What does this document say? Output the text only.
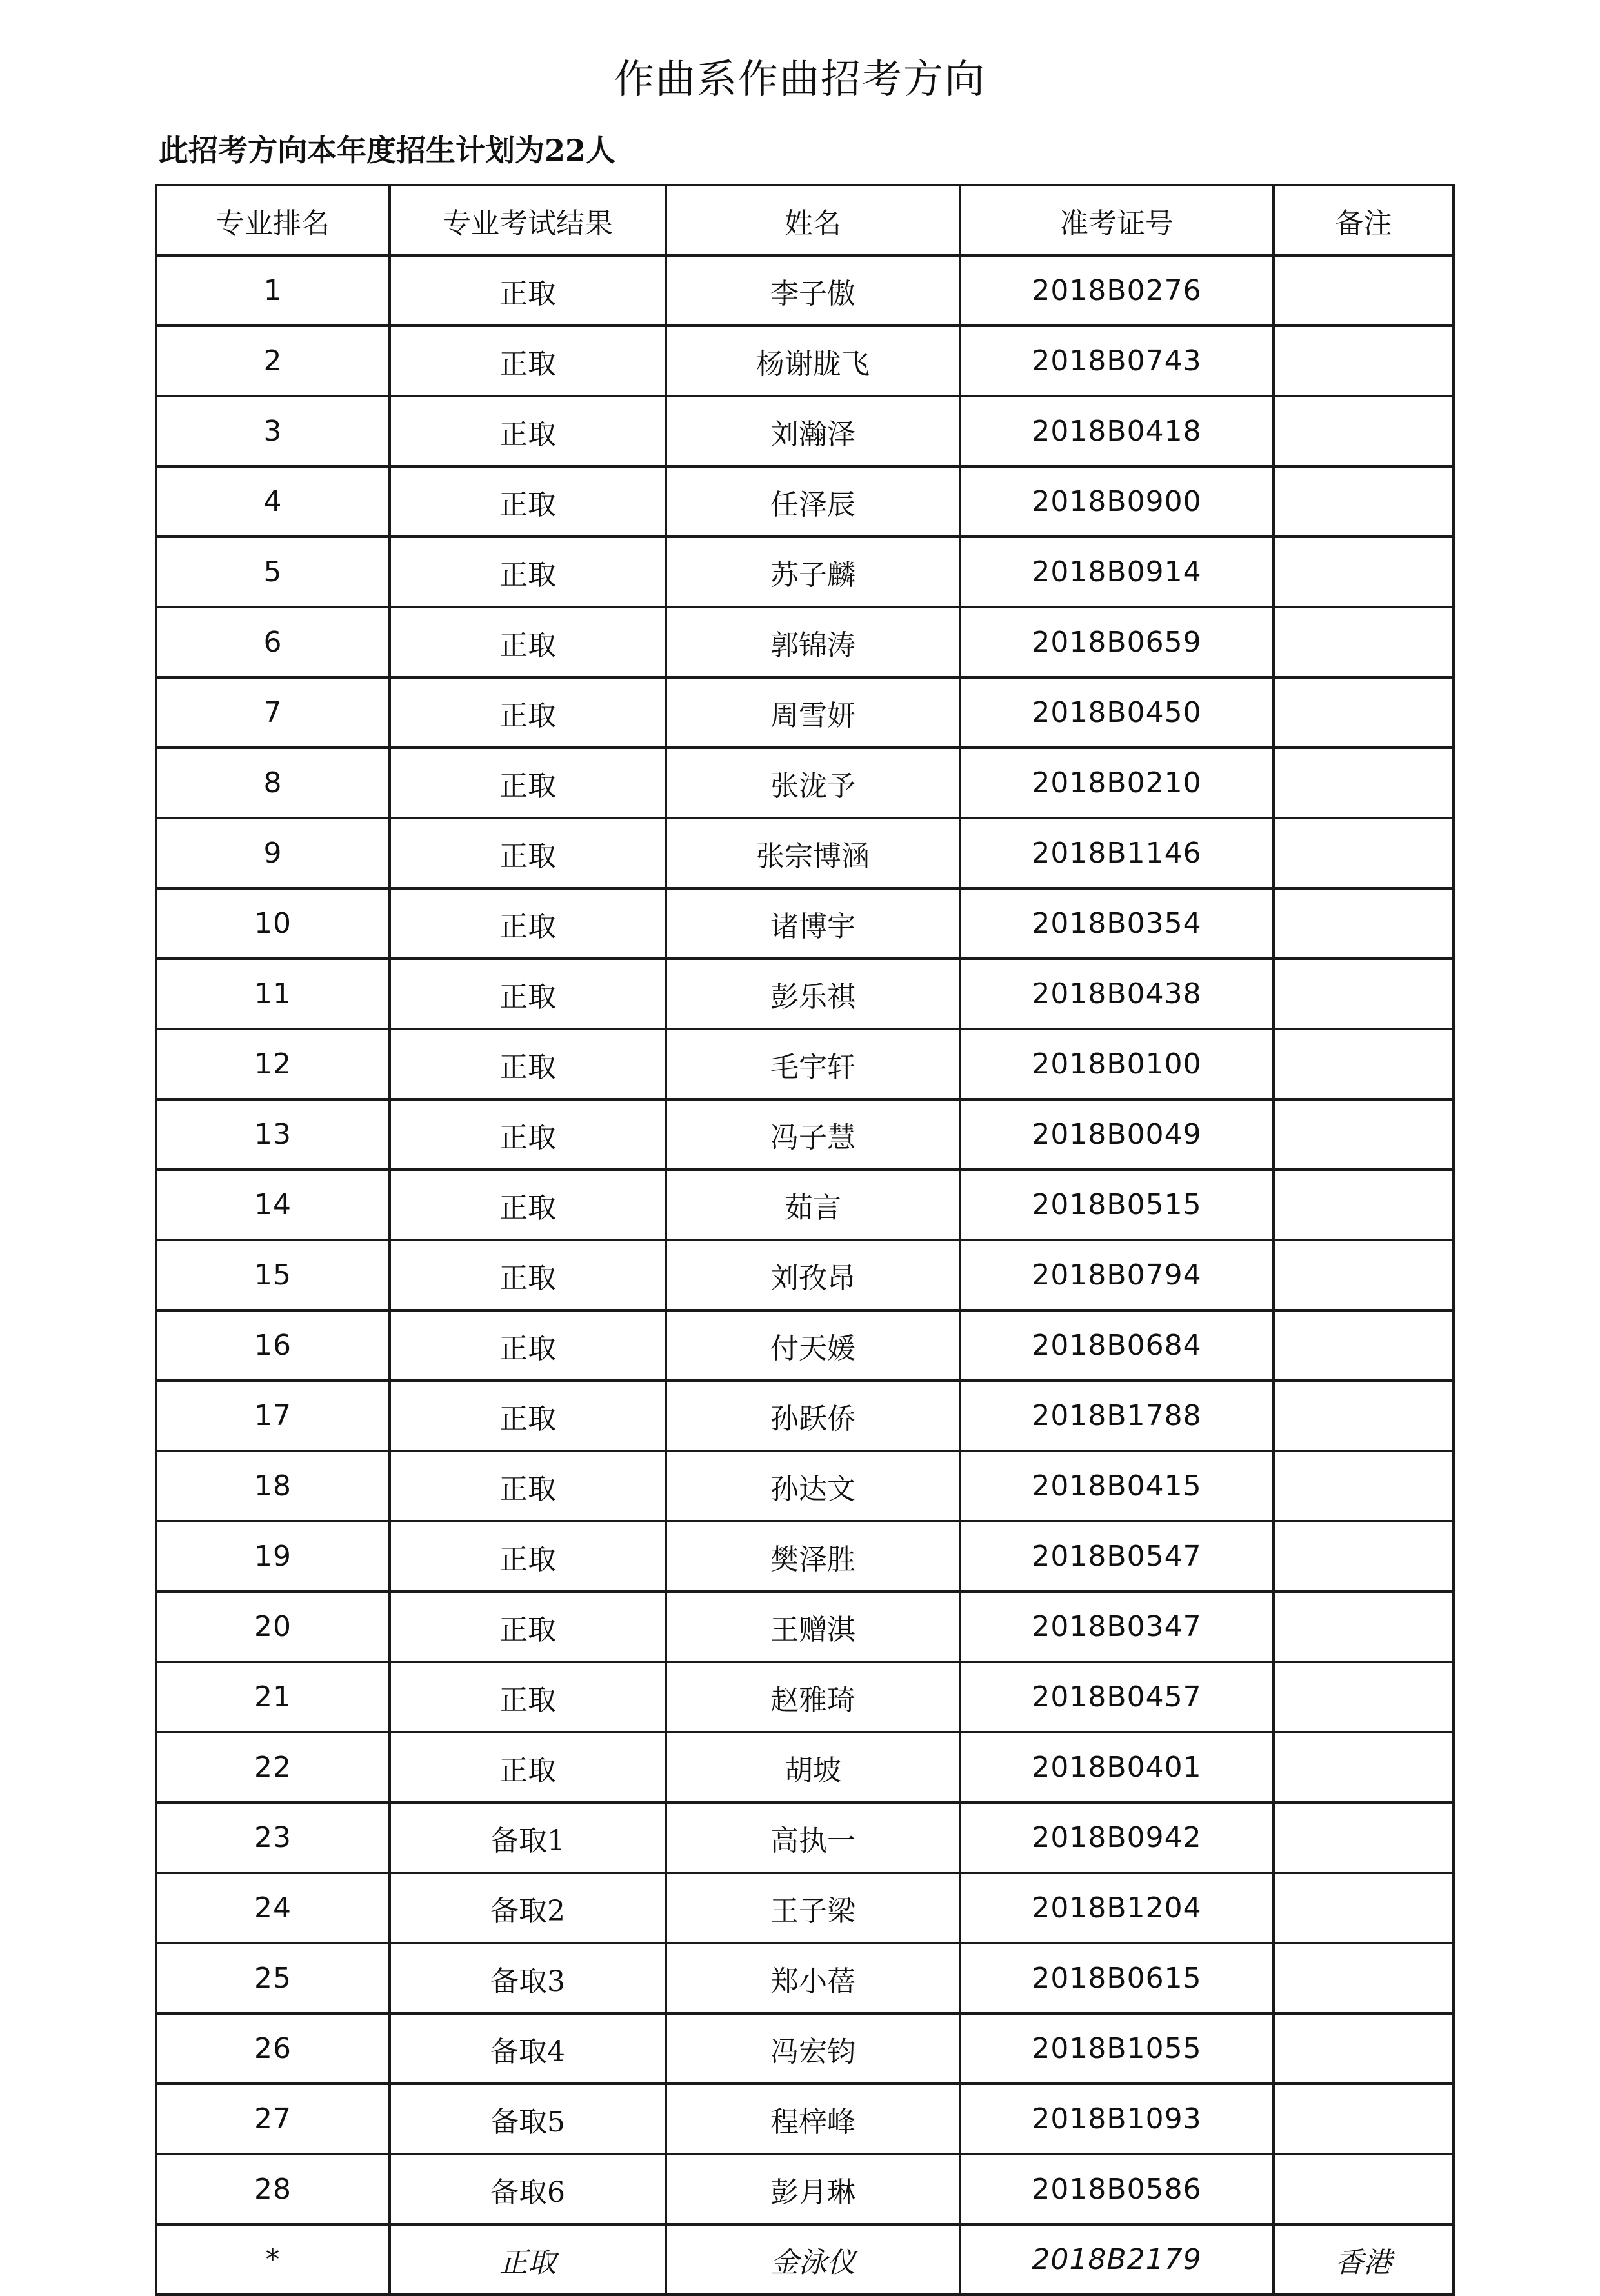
作曲系作曲招考方向
此招考方向本年度招生计划为22人
专业排名	专业考试结果	姓名	准考证号	备注
1	正取	李子傲	2018B0276	
2	正取	杨谢胧飞	2018B0743	
3	正取	刘瀚泽	2018B0418	
4	正取	任泽辰	2018B0900	
5	正取	苏子麟	2018B0914	
6	正取	郭锦涛	2018B0659	
7	正取	周雪妍	2018B0450	
8	正取	张泷予	2018B0210	
9	正取	张宗博涵	2018B1146	
10	正取	诸博宇	2018B0354	
11	正取	彭乐祺	2018B0438	
12	正取	毛宇轩	2018B0100	
13	正取	冯子慧	2018B0049	
14	正取	茹言	2018B0515	
15	正取	刘孜昂	2018B0794	
16	正取	付天媛	2018B0684	
17	正取	孙跃侨	2018B1788	
18	正取	孙达文	2018B0415	
19	正取	樊泽胜	2018B0547	
20	正取	王赠淇	2018B0347	
21	正取	赵雅琦	2018B0457	
22	正取	胡坡	2018B0401	
23	备取1	高执一	2018B0942	
24	备取2	王子梁	2018B1204	
25	备取3	郑小蓓	2018B0615	
26	备取4	冯宏钧	2018B1055	
27	备取5	程梓峰	2018B1093	
28	备取6	彭月琳	2018B0586	
*	正取	金泳仪	2018B2179	香港
